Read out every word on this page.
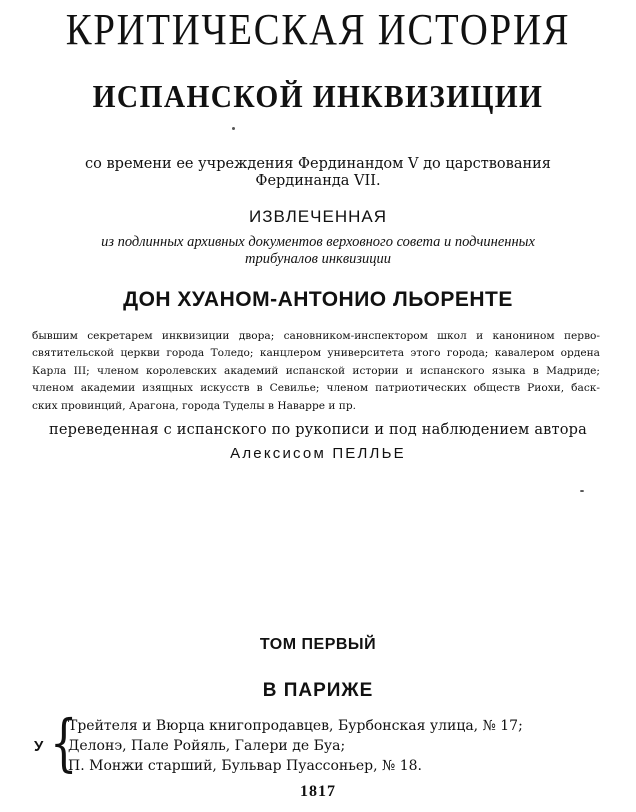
КРИТИЧЕСКАЯ ИСТОРИЯ
ИСПАНСКОЙ ИНКВИЗИЦИИ
со времени ее учреждения Фердинандом V до царствования
Фердинанда VII.
ИЗВЛЕЧЕННАЯ
из подлинных архивных документов верховного совета и подчиненных
трибуналов инквизиции
ДОН ХУАНОМ-АНТОНИО ЛЬОРЕНТЕ
бывшим секретарем инквизиции двора; сановником-инспектором школ и канонином перво-
святительской церкви города Толедо; канцлером университета этого города; кавалером ордена
Карла III; членом королевских академий испанской истории и испанского языка в Мадриде;
членом академии изящных искусств в Севилье; членом патриотических обществ Риохи, баск-
ских провинций, Арагона, города Туделы в Наварре и пр.
переведенная с испанского по рукописи и под наблюдением автора
Алексисом ПЕЛЛЬЕ
ТОМ ПЕРВЫЙ
В ПАРИЖЕ
У {
Трейтеля и Вюрца книгопродавцев, Бурбонская улица, № 17;
Делонэ, Пале Ройяль, Галери де Буа;
П. Монжи старший, Бульвар Пуассоньер, № 18.
1817
